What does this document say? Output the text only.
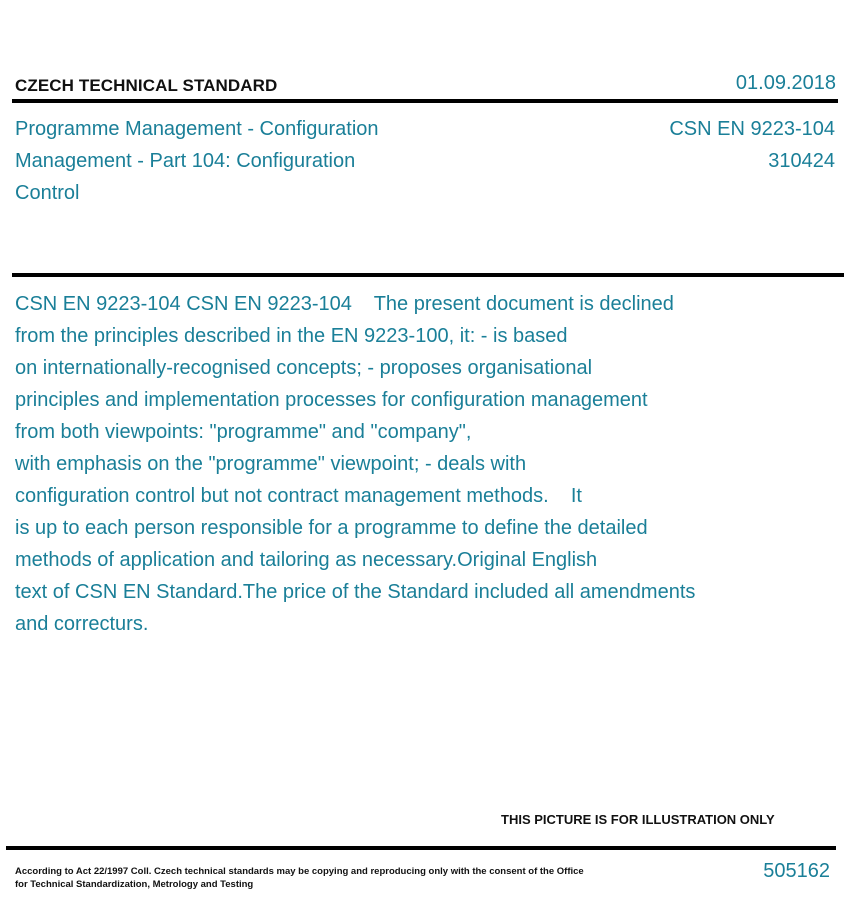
CZECH TECHNICAL STANDARD	01.09.2018
Programme Management - Configuration
Management - Part 104: Configuration
Control
CSN EN 9223-104
310424
CSN EN 9223-104 CSN EN 9223-104    The present document is declined
from the principles described in the EN 9223-100, it: - is based
on internationally-recognised concepts; - proposes organisational
principles and implementation processes for configuration management
from both viewpoints: "programme" and "company",
with emphasis on the "programme" viewpoint; - deals with
configuration control but not contract management methods.    It
is up to each person responsible for a programme to define the detailed
methods of application and tailoring as necessary.Original English
text of CSN EN Standard.The price of the Standard included all amendments
and correcturs.
THIS PICTURE IS FOR ILLUSTRATION ONLY
According to Act 22/1997 Coll. Czech technical standards may be copying and reproducing only with the consent of the Office
for Technical Standardization, Metrology and Testing
505162
